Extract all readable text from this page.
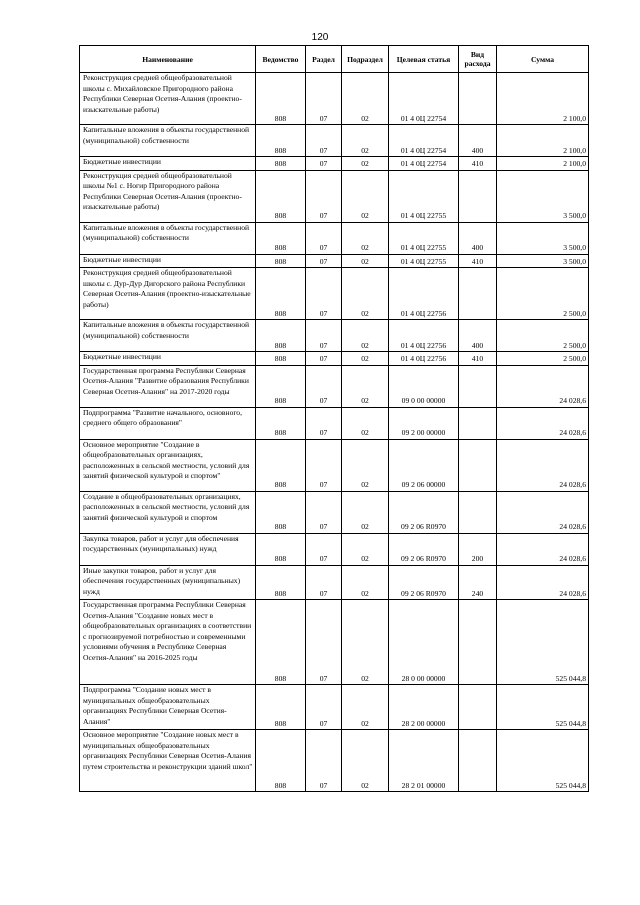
120
Наименование	Ведомство	Раздел	Подраздел	Целевая статья	Вид расхода	Сумма
Реконструкция средней общеобразовательной школы с. Михайловское Пригородного района Республики Северная Осетия-Алания (проектно-изыскательные работы)	808	07	02	01 4 0Ц 22754		2 100,0
Капитальные вложения в объекты государственной (муниципальной) собственности	808	07	02	01 4 0Ц 22754	400	2 100,0
Бюджетные инвестиции	808	07	02	01 4 0Ц 22754	410	2 100,0
Реконструкция средней общеобразовательной школы №1 с. Ногир Пригородного района Республики Северная Осетия-Алания (проектно-изыскательные работы)	808	07	02	01 4 0Ц 22755		3 500,0
Капитальные вложения в объекты государственной (муниципальной) собственности	808	07	02	01 4 0Ц 22755	400	3 500,0
Бюджетные инвестиции	808	07	02	01 4 0Ц 22755	410	3 500,0
Реконструкция средней общеобразовательной школы с. Дур-Дур Дигорского района Республики Северная Осетия-Алания (проектно-изыскательные работы)	808	07	02	01 4 0Ц 22756		2 500,0
Капитальные вложения в объекты государственной (муниципальной) собственности	808	07	02	01 4 0Ц 22756	400	2 500,0
Бюджетные инвестиции	808	07	02	01 4 0Ц 22756	410	2 500,0
Государственная программа Республики Северная Осетия-Алания "Развитие образования Республики Северная Осетия-Алания" на 2017-2020 годы	808	07	02	09 0 00 00000		24 028,6
Подпрограмма "Развитие начального, основного, среднего общего образования"	808	07	02	09 2 00 00000		24 028,6
Основное мероприятие "Создание в общеобразовательных организациях, расположенных в сельской местности, условий для занятий физической культурой и спортом"	808	07	02	09 2 06 00000		24 028,6
Создание в общеобразовательных организациях, расположенных в сельской местности, условий для занятий физической культурой и спортом	808	07	02	09 2 06 R0970		24 028,6
Закупка товаров, работ и услуг для обеспечения государственных (муниципальных) нужд	808	07	02	09 2 06 R0970	200	24 028,6
Иные закупки товаров, работ и услуг для обеспечения государственных (муниципальных) нужд	808	07	02	09 2 06 R0970	240	24 028,6
Государственная программа Республики Северная Осетия-Алания "Создание новых мест в общеобразовательных организациях в соответствии с прогнозируемой потребностью и современными условиями обучения в Республике Северная Осетия-Алания" на 2016-2025 годы	808	07	02	28 0 00 00000		525 044,8
Подпрограмма "Создание новых мест в муниципальных общеобразовательных организациях Республики Северная Осетия-Алания"	808	07	02	28 2 00 00000		525 044,8
Основное мероприятие "Создание новых мест в муниципальных общеобразовательных организациях Республики Северная Осетия-Алания путем строительства и реконструкции зданий школ"	808	07	02	28 2 01 00000		525 044,8
